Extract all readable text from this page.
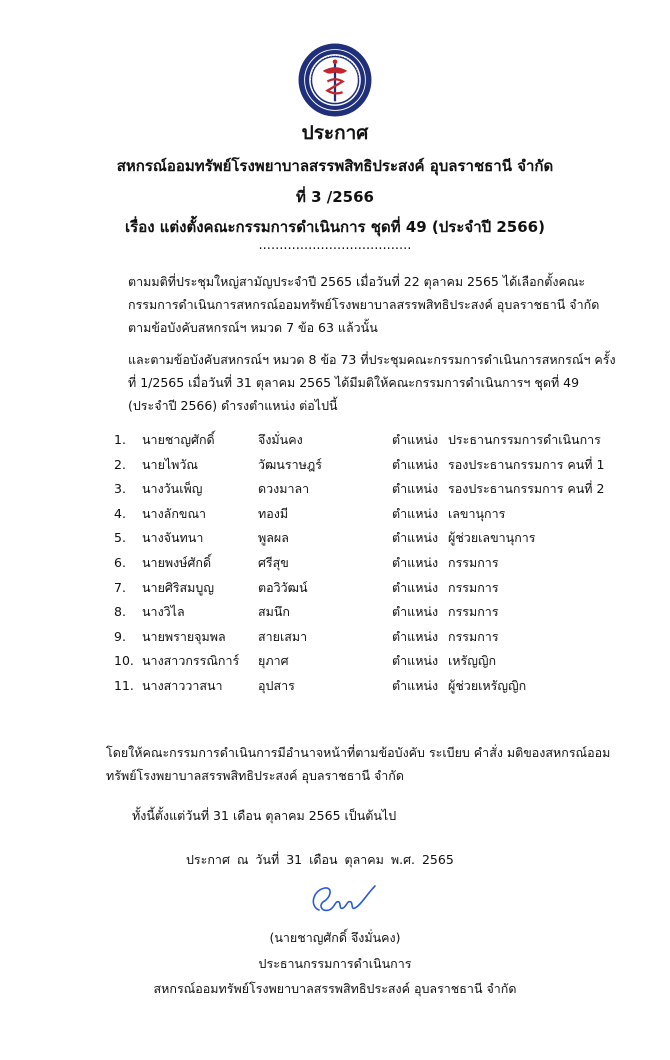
ประกาศ
สหกรณ์ออมทรัพย์โรงพยาบาลสรรพสิทธิประสงค์ อุบลราชธานี จำกัด
ที่ 3 /2566
เรื่อง แต่งตั้งคณะกรรมการดำเนินการ ชุดที่ 49 (ประจำปี 2566)
.....................................
ตามมติที่ประชุมใหญ่สามัญประจำปี 2565 เมื่อวันที่ 22 ตุลาคม 2565 ได้เลือกตั้งคณะกรรมการดำเนินการสหกรณ์ออมทรัพย์โรงพยาบาลสรรพสิทธิประสงค์ อุบลราชธานี จำกัด ตามข้อบังคับสหกรณ์ฯ หมวด 7 ข้อ 63 แล้วนั้น
และตามข้อบังคับสหกรณ์ฯ หมวด 8 ข้อ 73 ที่ประชุมคณะกรรมการดำเนินการสหกรณ์ฯ ครั้งที่ 1/2565 เมื่อวันที่ 31 ตุลาคม 2565 ได้มีมติให้คณะกรรมการดำเนินการฯ ชุดที่ 49 (ประจำปี 2566) ดำรงตำแหน่ง ต่อไปนี้
1. นายชาญศักดิ์	จึงมั่นคง	ตำแหน่ง ประธานกรรมการดำเนินการ
2. นายไพวัณ	วัฒนราษฎร์	ตำแหน่ง รองประธานกรรมการ คนที่ 1
3. นางวันเพ็ญ	ดวงมาลา	ตำแหน่ง รองประธานกรรมการ คนที่ 2
4. นางลักขณา	ทองมี	ตำแหน่ง เลขานุการ
5. นางจันทนา	พูลผล	ตำแหน่ง ผู้ช่วยเลขานุการ
6. นายพงษ์ศักดิ์	ศรีสุข	ตำแหน่ง กรรมการ
7. นายศิริสมบูญ	ตอวิวัฒน์	ตำแหน่ง กรรมการ
8. นางวิไล	สมนึก	ตำแหน่ง กรรมการ
9. นายพรายจุมพล	สายเสมา	ตำแหน่ง กรรมการ
10. นางสาวกรรณิการ์ ยุภาศ	ตำแหน่ง เหรัญญิก
11. นางสาววาสนา	อุปสาร	ตำแหน่ง ผู้ช่วยเหรัญญิก
โดยให้คณะกรรมการดำเนินการมีอำนาจหน้าที่ตามข้อบังคับ ระเบียบ คำสั่ง มติของสหกรณ์ออมทรัพย์โรงพยาบาลสรรพสิทธิประสงค์ อุบลราชธานี จำกัด
ทั้งนี้ตั้งแต่วันที่ 31 เดือน ตุลาคม 2565 เป็นต้นไป
ประกาศ ณ วันที่ 31 เดือน ตุลาคม พ.ศ. 2565
(นายชาญศักดิ์ จึงมั่นคง)
ประธานกรรมการดำเนินการ
สหกรณ์ออมทรัพย์โรงพยาบาลสรรพสิทธิประสงค์ อุบลราชธานี จำกัด
